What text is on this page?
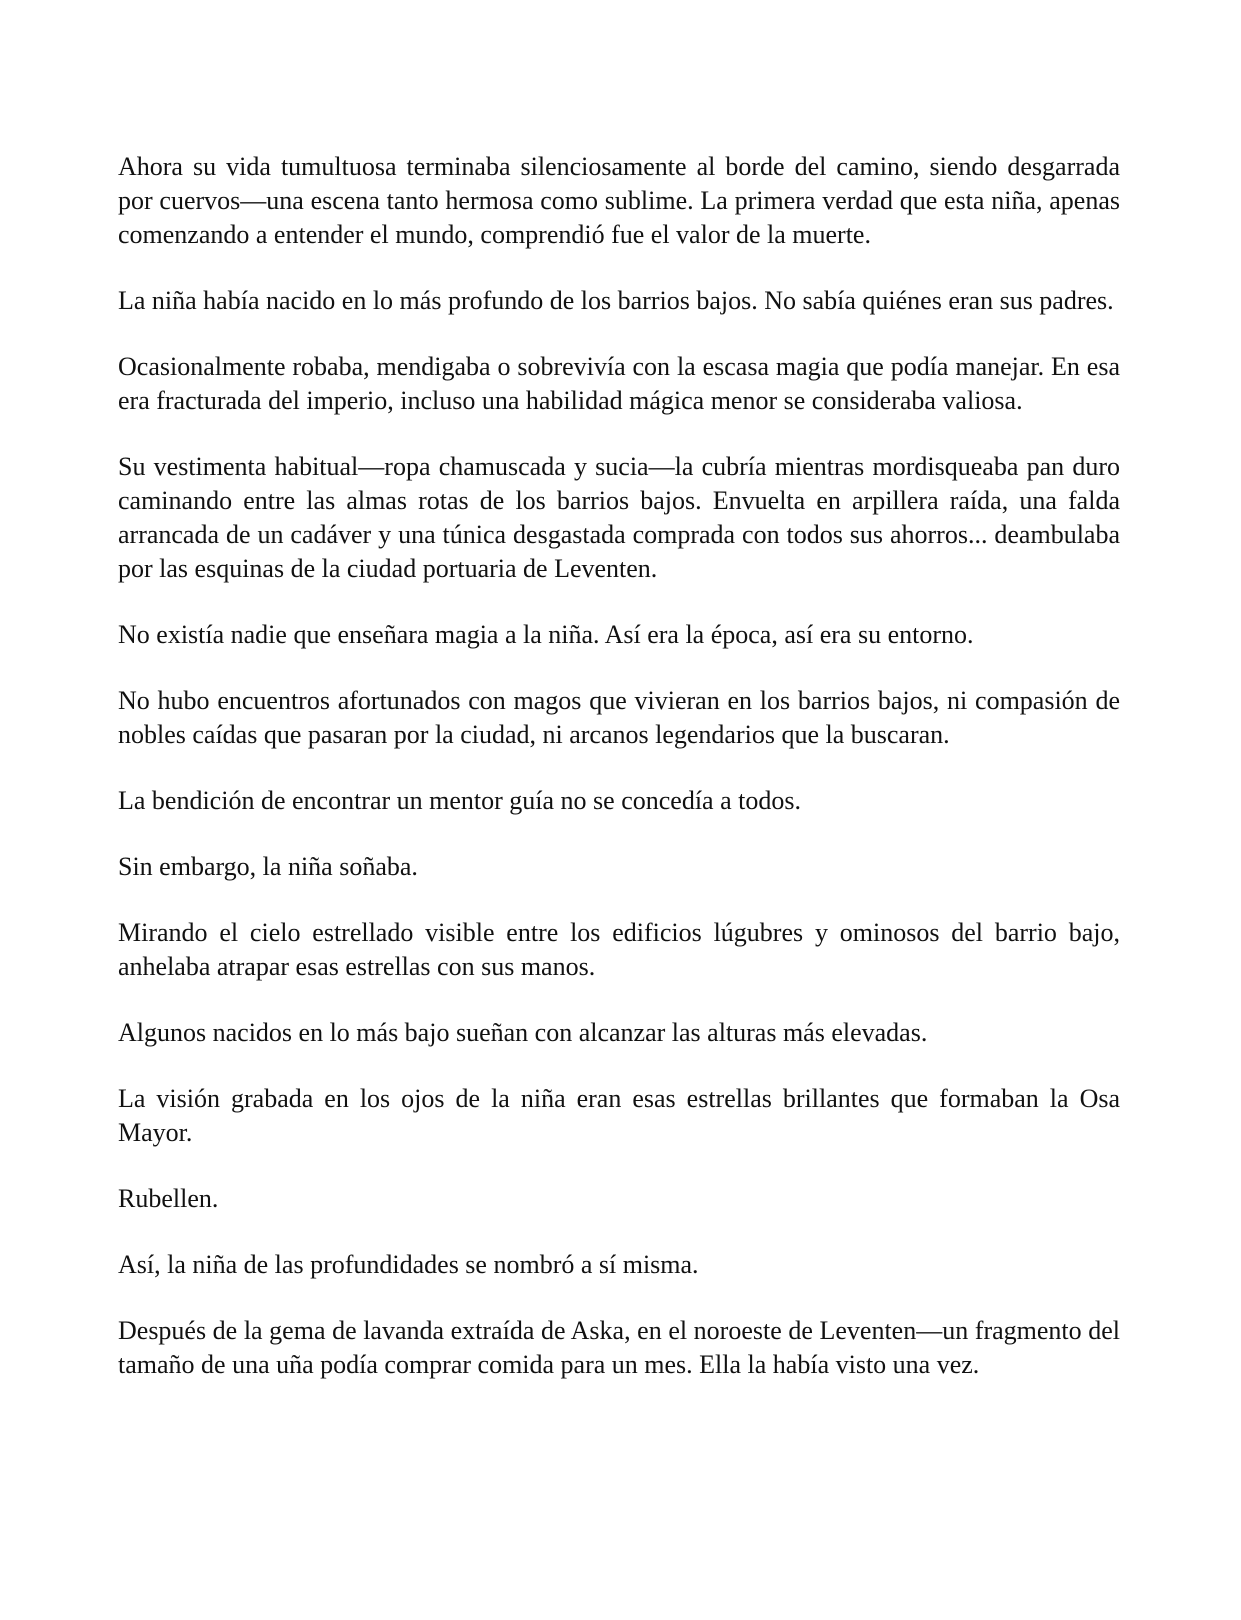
Ahora su vida tumultuosa terminaba silenciosamente al borde del camino, siendo desgarrada por cuervos—una escena tanto hermosa como sublime. La primera verdad que esta niña, apenas comenzando a entender el mundo, comprendió fue el valor de la muerte.

La niña había nacido en lo más profundo de los barrios bajos. No sabía quiénes eran sus padres.

Ocasionalmente robaba, mendigaba o sobrevivía con la escasa magia que podía manejar. En esa era fracturada del imperio, incluso una habilidad mágica menor se consideraba valiosa.

Su vestimenta habitual—ropa chamuscada y sucia—la cubría mientras mordisqueaba pan duro caminando entre las almas rotas de los barrios bajos. Envuelta en arpillera raída, una falda arrancada de un cadáver y una túnica desgastada comprada con todos sus ahorros... deambulaba por las esquinas de la ciudad portuaria de Leventen.

No existía nadie que enseñara magia a la niña. Así era la época, así era su entorno.

No hubo encuentros afortunados con magos que vivieran en los barrios bajos, ni compasión de nobles caídas que pasaran por la ciudad, ni arcanos legendarios que la buscaran.

La bendición de encontrar un mentor guía no se concedía a todos.

Sin embargo, la niña soñaba.

Mirando el cielo estrellado visible entre los edificios lúgubres y ominosos del barrio bajo, anhelaba atrapar esas estrellas con sus manos.

Algunos nacidos en lo más bajo sueñan con alcanzar las alturas más elevadas.

La visión grabada en los ojos de la niña eran esas estrellas brillantes que formaban la Osa Mayor.

Rubellen.

Así, la niña de las profundidades se nombró a sí misma.

Después de la gema de lavanda extraída de Aska, en el noroeste de Leventen—un fragmento del tamaño de una uña podía comprar comida para un mes. Ella la había visto una vez.
